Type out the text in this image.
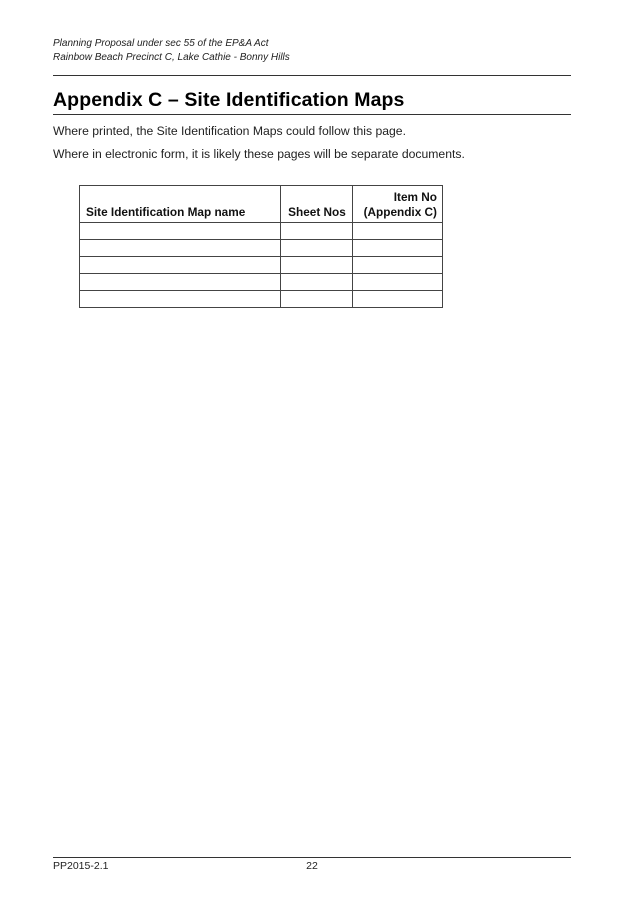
Planning Proposal under sec 55 of the EP&A Act
Rainbow Beach Precinct C, Lake Cathie - Bonny Hills
Appendix C – Site Identification Maps

Where printed, the Site Identification Maps could follow this page.

Where in electronic form, it is likely these pages will be separate documents.

Site Identification Map name	Sheet Nos	Item No
(Appendix C)

PP2015-2.1	22
